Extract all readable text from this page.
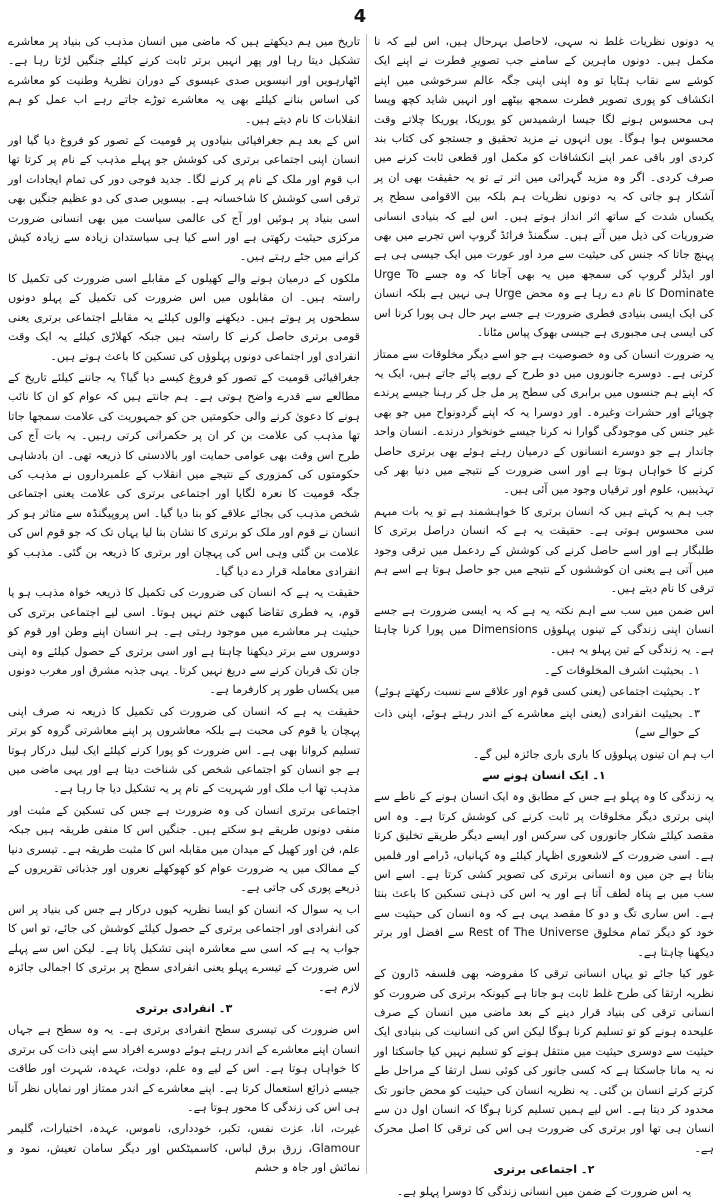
4

یہ دونوں نظریات غلط نہ سہی، لاحاصل بہرحال ہیں، اس لیے کہ نا مکمل ہیں۔ دونوں ماہرین کے سامنے جب تصویرِ فطرت نے اپنے ایک کوشے سے نقاب ہٹایا تو وہ اپنی اپنی جگہ عالم سرخوشی میں اپنے انکشاف کو پوری تصویر فطرت سمجھ بیٹھے اور انہیں شاید کچھ ویسا ہی محسوس ہونے لگا جیسا ارشمیدس کو یوریکا، یوریکا چلاتے وقت محسوس ہوا ہوگا۔ یوں انہوں نے مزید تحقیق و جستجو کی کتاب بند کردی اور باقی عمر اپنے انکشافات کو مکمل اور قطعی ثابت کرنے میں صرف کردی۔ اگر وہ مزید گہرائی میں اتر تے تو یہ حقیقت بھی ان پر آشکار ہو جاتی کہ یہ دونوں نظریات ہم بلکہ بین الاقوامی سطح پر یکساں شدت کے ساتھ اثر انداز ہوتے ہیں۔ اس لیے کہ بنیادی انسانی ضروریات کی ذیل میں آتے ہیں۔ سگمنڈ فرائڈ گروپ اس تجربے میں بھی پہنچ جاتا کہ جنس کی حیثیت سے مرد اور عورت میں ایک جیسی ہی ہے اور ایڈلر گروپ کی سمجھ میں یہ بھی آجاتا کہ وہ جسے Urge To Dominate کا نام دے رہا ہے وہ محض Urge ہی نہیں ہے بلکہ انسان کی ایک ایسی بنیادی فطری ضرورت ہے جسے بہر حال ہی پورا کرنا اس کی ایسی ہی مجبوری ہے جیسی بھوک پیاس مٹانا۔

یہ ضرورت انسان کی وہ خصوصیت ہے جو اسے دیگر مخلوقات سے ممتاز کرتی ہے۔ دوسرے جانوروں میں دو طرح کے رویے پائے جاتے ہیں، ایک یہ کہ اپنے ہم جنسوں میں برابری کی سطح پر مل جل کر رہنا جیسے پرندے چوپائے اور حشرات وغیرہ۔ اور دوسرا یہ کہ اپنے گردونواح میں جو بھی غیر جنس کی موجودگی گوارا نہ کرنا جیسے خونخوار درندے۔ انسان واحد جاندار ہے جو دوسرے انسانوں کے درمیان رہتے ہوئے بھی برتری حاصل کرنے کا خواہاں ہوتا ہے اور اسی ضرورت کے نتیجے میں دنیا بھر کی تہذیبیں، علوم اور ترقیاں وجود میں آئی ہیں۔

جب ہم یہ کہتے ہیں کہ انسان برتری کا خواہشمند ہے تو یہ بات مبہم سی محسوس ہوتی ہے۔ حقیقت یہ ہے کہ انسان دراصل برتری کا طلبگار ہے اور اسے حاصل کرنے کی کوشش کے ردعمل میں ترقی وجود میں آتی ہے یعنی ان کوششوں کے نتیجے میں جو حاصل ہوتا ہے اسے ہم ترقی کا نام دیتے ہیں۔

اس ضمن میں سب سے اہم نکتہ یہ ہے کہ یہ ایسی ضرورت ہے جسے انسان اپنی زندگی کے تینوں پہلوؤں Dimensions میں پورا کرنا چاہتا ہے۔ یہ زندگی کے تین پہلو یہ ہیں۔

۱۔ بحیثیت اشرف المخلوقات کے۔

۲۔ بحیثیت اجتماعی (یعنی کسی قوم اور علاقے سے نسبت رکھتے ہوئے)

۳۔ بحیثیت انفرادی (یعنی اپنے معاشرے کے اندر رہتے ہوئے، اپنی ذات کے حوالے سے)

اب ہم ان تینوں پہلوؤں کا باری باری جائزہ لیں گے۔

۱۔ ایک انسان ہونے سے

یہ زندگی کا وہ پہلو ہے جس کے مطابق وہ ایک انسان ہونے کے ناطے سے اپنی برتری دیگر مخلوقات پر ثابت کرنے کی کوشش کرتا ہے۔ وہ اس مقصد کیلئے شکار جانوروں کی سرکس اور ایسے دیگر طریقے تخلیق کرتا ہے۔ اسی ضرورت کے لاشعوری اظہار کیلئے وہ کہانیاں، ڈرامے اور فلمیں بناتا ہے جن میں وہ انسانی برتری کی تصویر کشی کرتا ہے۔ اسے اس سب میں بے پناہ لطف آتا ہے اور یہ اس کی ذہنی تسکین کا باعث بنتا ہے۔ اس ساری تگ و دو کا مقصد یہی ہے کہ وہ انسان کی حیثیت سے خود کو دیگر تمام مخلوق Rest of The Universe سے افضل اور برتر دیکھنا چاہتا ہے۔

غور کیا جائے تو یہاں انسانی ترقی کا مفروضہ بھی فلسفہ ڈارون کے نظریہ ارتقا کی طرح غلط ثابت ہو جاتا ہے کیونکہ برتری کی ضرورت کو انسانی ترقی کی بنیاد قرار دینے کے بعد ماضی میں انسان کے صرف علیحدہ ہونے کو تو تسلیم کرنا ہوگا لیکن اس کی انسانیت کی بنیادی ایک حیثیت سے دوسری حیثیت میں منتقل ہونے کو تسلیم نہیں کیا جاسکتا اور نہ یہ مانا جاسکتا ہے کہ کسی جانور کی کوئی نسل ارتقا کے مراحل طے کرتے کرتے انسان بن گئی۔ یہ نظریہ انسان کی حیثیت کو محض جانور تک محدود کر دیتا ہے۔ اس لیے ہمیں تسلیم کرنا ہوگا کہ انسان اول دن سے انسان ہی تھا اور برتری کی ضرورت ہی اس کی ترقی کا اصل محرک ہے۔

۲۔ اجتماعی برتری

یہ اس ضرورت کے ضمن میں انسانی زندگی کا دوسرا پہلو ہے۔

تاریخ میں ہم دیکھتے ہیں کہ ماضی میں انسان مذہب کی بنیاد پر معاشرے تشکیل دیتا رہا اور پھر انہیں برتر ثابت کرنے کیلئے جنگیں لڑتا رہا ہے۔ اٹھارہویں اور انیسویں صدی عیسوی کے دوران نظریۂ وطنیت کو معاشرے کی اساس بنانے کیلئے بھی یہ معاشرے توڑے جاتے رہے اب عمل کو ہم انقلابات کا نام دیتے ہیں۔

اس کے بعد ہم جغرافیائی بنیادوں پر قومیت کے تصور کو فروغ دیا گیا اور انسان اپنی اجتماعی برتری کی کوشش جو پہلے مذہب کے نام پر کرتا تھا اب قوم اور ملک کے نام پر کرنے لگا۔ جدید فوجی دور کی تمام ایجادات اور ترقی اسی کوشش کا شاخسانہ ہے۔ بیسویں صدی کی دو عظیم جنگیں بھی اسی بنیاد پر ہوئیں اور آج کی عالمی سیاست میں بھی انسانی ضرورت مرکزی حیثیت رکھتی ہے اور اسے کیا ہی سیاستدان زیادہ سے زیادہ کیش کرانے میں جٹے رہتے ہیں۔

ملکوں کے درمیان ہونے والے کھیلوں کے مقابلے اسی ضرورت کی تکمیل کا راستہ ہیں۔ ان مقابلوں میں اس ضرورت کی تکمیل کے پہلو دونوں سطحوں پر ہوتے ہیں۔ دیکھنے والوں کیلئے یہ مقابلے اجتماعی برتری یعنی قومی برتری حاصل کرنے کا راستہ ہیں جبکہ کھلاڑی کیلئے یہ ایک وقت انفرادی اور اجتماعی دونوں پہلوؤں کی تسکین کا باعث ہوتے ہیں۔

جغرافیائی قومیت کے تصور کو فروغ کیسے دیا گیا؟ یہ جاننے کیلئے تاریخ کے مطالعے سے قدرے واضح ہوتی ہے۔ ہم جانتے ہیں کہ عوام کو ان کا نائب ہونے کا دعویٰ کرنے والی حکومتیں جن کو جمہوریت کی علامت سمجھا جاتا تھا مذہب کی علامت بن کر ان پر حکمرانی کرتی رہیں۔ یہ بات آج کی طرح اس وقت بھی عوامی حمایت اور بالادستی کا ذریعہ تھی۔ ان بادشاہی حکومتوں کی کمزوری کے نتیجے میں انقلاب کے علمبرداروں نے مذہب کی جگہ قومیت کا نعرہ لگایا اور اجتماعی برتری کی علامت یعنی اجتماعی شخص مذہب کی بجائے علاقے کو بنا دیا گیا۔ اس پروپیگنڈہ سے متاثر ہو کر انسان نے قوم اور ملک کو برتری کا نشان بنا لیا یہاں تک کہ جو قوم اس کی علامت بن گئی وہی اس کی پہچان اور برتری کا ذریعہ بن گئی۔ مذہب کو انفرادی معاملہ قرار دے دیا گیا۔

حقیقت یہ ہے کہ انسان کی ضرورت کی تکمیل کا ذریعہ خواہ مذہب ہو یا قوم، یہ فطری تقاضا کبھی ختم نہیں ہوتا۔ اسی لیے اجتماعی برتری کی حیثیت ہر معاشرے میں موجود رہتی ہے۔ ہر انسان اپنے وطن اور قوم کو دوسروں سے برتر دیکھنا چاہتا ہے اور اسی برتری کے حصول کیلئے وہ اپنی جان تک قربان کرنے سے دریغ نہیں کرتا۔ یہی جذبہ مشرق اور مغرب دونوں میں یکساں طور پر کارفرما ہے۔

حقیقت یہ ہے کہ انسان کی ضرورت کی تکمیل کا ذریعہ نہ صرف اپنی پہچان یا قوم کی محبت ہے بلکہ معاشروں پر اپنے معاشرتی گروہ کو برتر تسلیم کروانا بھی ہے۔ اس ضرورت کو پورا کرنے کیلئے ایک لیبل درکار ہوتا ہے جو انسان کو اجتماعی شخص کی شناخت دیتا ہے اور یہی ماضی میں مذہب تھا اب ملک اور شہریت کے نام پر یہ تشکیل دیا جا رہا ہے۔

اجتماعی برتری انسان کی وہ ضرورت ہے جس کی تسکین کے مثبت اور منفی دونوں طریقے ہو سکتے ہیں۔ جنگیں اس کا منفی طریقہ ہیں جبکہ علم، فن اور کھیل کے میدان میں مقابلہ اس کا مثبت طریقہ ہے۔ تیسری دنیا کے ممالک میں یہ ضرورت عوام کو کھوکھلے نعروں اور جذباتی تقریروں کے ذریعے پوری کی جاتی ہے۔

اب یہ سوال کہ انسان کو ایسا نظریہ کیوں درکار ہے جس کی بنیاد پر اس کی انفرادی اور اجتماعی برتری کے حصول کیلئے کوشش کی جائے، تو اس کا جواب یہ ہے کہ اسی سے معاشرہ اپنی تشکیل پاتا ہے۔ لیکن اس سے پہلے اس ضرورت کے تیسرے پہلو یعنی انفرادی سطح پر برتری کا اجمالی جائزہ لازم ہے۔

۳۔ انفرادی برتری

اس ضرورت کی تیسری سطح انفرادی برتری ہے۔ یہ وہ سطح ہے جہاں انسان اپنے معاشرے کے اندر رہتے ہوئے دوسرے افراد سے اپنی ذات کی برتری کا خواہاں ہوتا ہے۔ اس کے لیے وہ علم، دولت، عہدہ، شہرت اور طاقت جیسے ذرائع استعمال کرتا ہے۔ اپنے معاشرے کے اندر ممتاز اور نمایاں نظر آنا ہی اس کی زندگی کا محور ہوتا ہے۔

غیرت، انا، عزت نفس، تکبر، خودداری، ناموس، عہدہ، اختیارات، گلیمر Glamour، زرق برق لباس، کاسمیٹکس اور دیگر سامان تعیش، نمود و نمائش اور جاہ و حشم
